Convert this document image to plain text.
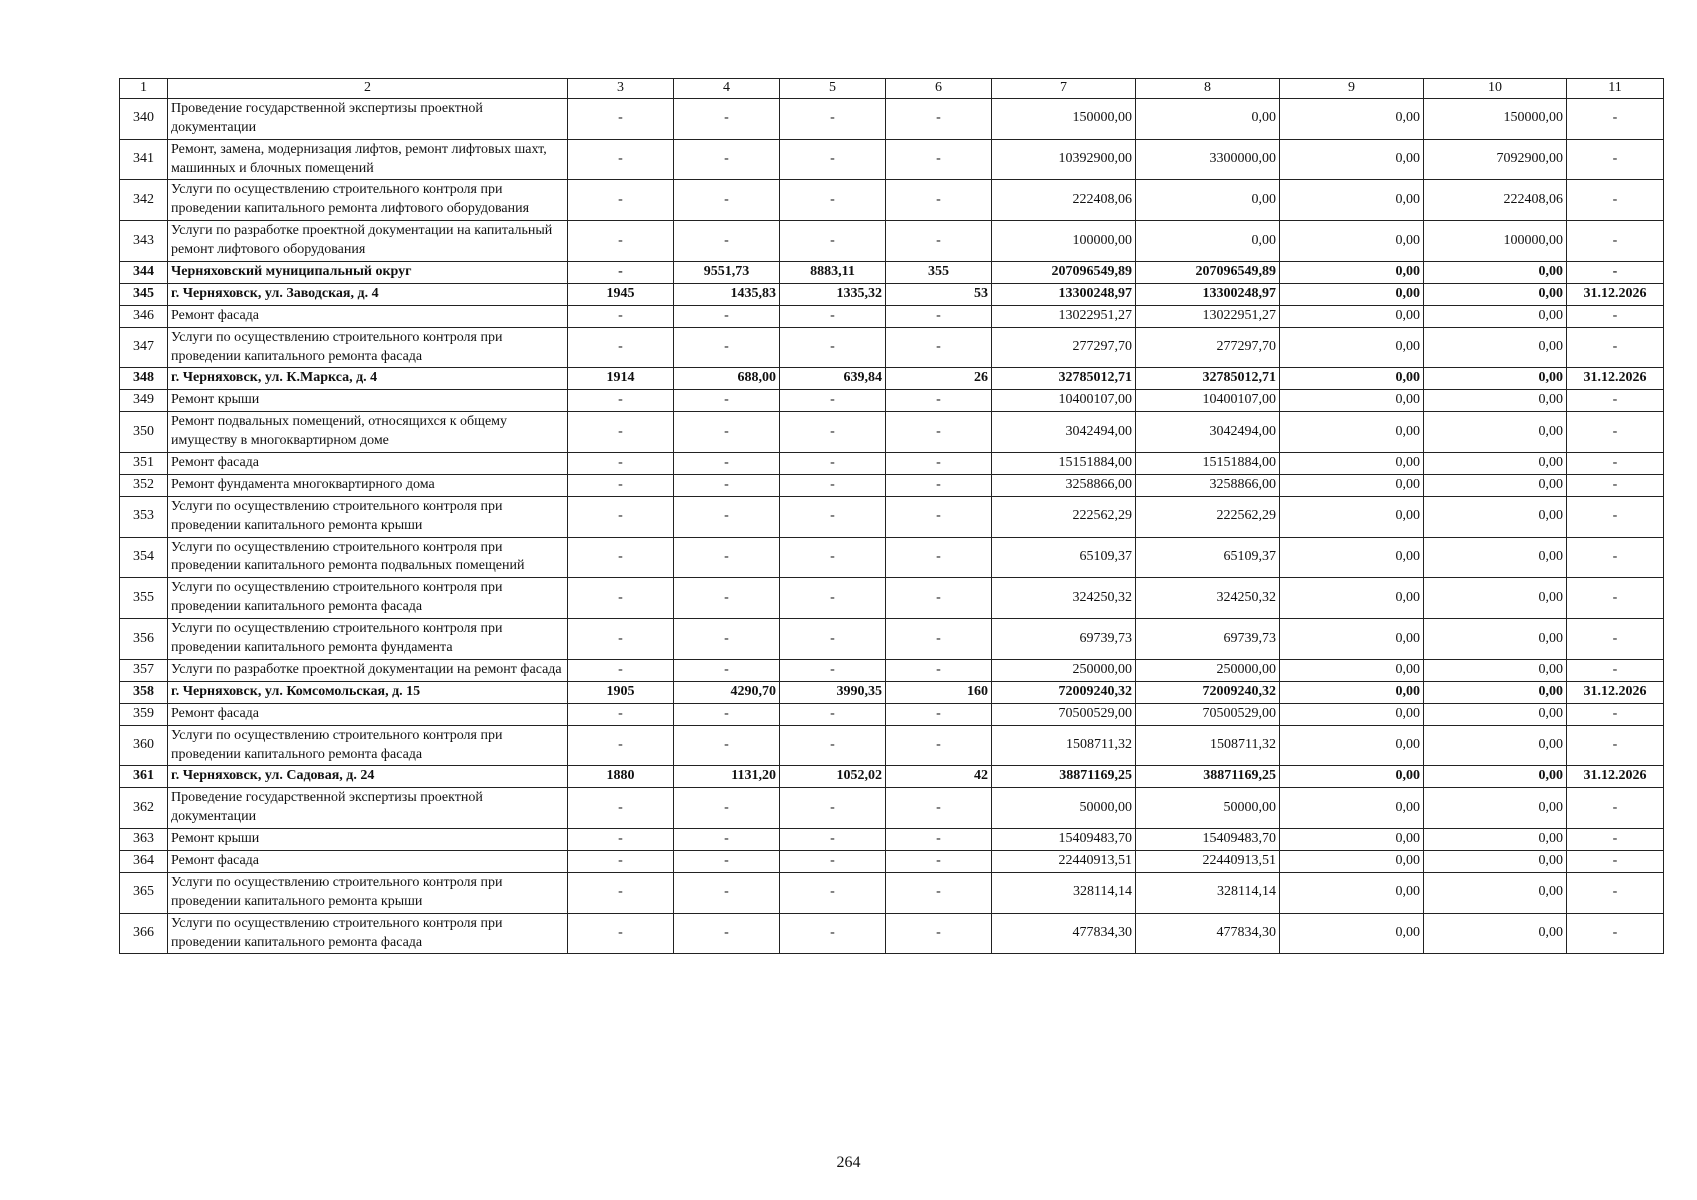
1	2	3	4	5	6	7	8	9	10	11
340	Проведение государственной экспертизы проектной документации	-	-	-	-	150000,00	0,00	0,00	150000,00	-
341	Ремонт, замена, модернизация лифтов, ремонт лифтовых шахт, машинных и блочных помещений	-	-	-	-	10392900,00	3300000,00	0,00	7092900,00	-
342	Услуги по осуществлению строительного контроля при проведении капитального ремонта лифтового оборудования	-	-	-	-	222408,06	0,00	0,00	222408,06	-
343	Услуги по разработке проектной документации на капитальный ремонт лифтового оборудования	-	-	-	-	100000,00	0,00	0,00	100000,00	-
344	Черняховский муниципальный округ	-	9551,73	8883,11	355	207096549,89	207096549,89	0,00	0,00	-
345	г. Черняховск, ул. Заводская, д. 4	1945	1435,83	1335,32	53	13300248,97	13300248,97	0,00	0,00	31.12.2026
346	Ремонт фасада	-	-	-	-	13022951,27	13022951,27	0,00	0,00	-
347	Услуги по осуществлению строительного контроля при проведении капитального ремонта фасада	-	-	-	-	277297,70	277297,70	0,00	0,00	-
348	г. Черняховск, ул. К.Маркса, д. 4	1914	688,00	639,84	26	32785012,71	32785012,71	0,00	0,00	31.12.2026
349	Ремонт крыши	-	-	-	-	10400107,00	10400107,00	0,00	0,00	-
350	Ремонт подвальных помещений, относящихся к общему имуществу в многоквартирном доме	-	-	-	-	3042494,00	3042494,00	0,00	0,00	-
351	Ремонт фасада	-	-	-	-	15151884,00	15151884,00	0,00	0,00	-
352	Ремонт фундамента многоквартирного дома	-	-	-	-	3258866,00	3258866,00	0,00	0,00	-
353	Услуги по осуществлению строительного контроля при проведении капитального ремонта крыши	-	-	-	-	222562,29	222562,29	0,00	0,00	-
354	Услуги по осуществлению строительного контроля при проведении капитального ремонта подвальных помещений	-	-	-	-	65109,37	65109,37	0,00	0,00	-
355	Услуги по осуществлению строительного контроля при проведении капитального ремонта фасада	-	-	-	-	324250,32	324250,32	0,00	0,00	-
356	Услуги по осуществлению строительного контроля при проведении капитального ремонта фундамента	-	-	-	-	69739,73	69739,73	0,00	0,00	-
357	Услуги по разработке проектной документации на ремонт фасада	-	-	-	-	250000,00	250000,00	0,00	0,00	-
358	г. Черняховск, ул. Комсомольская, д. 15	1905	4290,70	3990,35	160	72009240,32	72009240,32	0,00	0,00	31.12.2026
359	Ремонт фасада	-	-	-	-	70500529,00	70500529,00	0,00	0,00	-
360	Услуги по осуществлению строительного контроля при проведении капитального ремонта фасада	-	-	-	-	1508711,32	1508711,32	0,00	0,00	-
361	г. Черняховск, ул. Садовая, д. 24	1880	1131,20	1052,02	42	38871169,25	38871169,25	0,00	0,00	31.12.2026
362	Проведение государственной экспертизы проектной документации	-	-	-	-	50000,00	50000,00	0,00	0,00	-
363	Ремонт крыши	-	-	-	-	15409483,70	15409483,70	0,00	0,00	-
364	Ремонт фасада	-	-	-	-	22440913,51	22440913,51	0,00	0,00	-
365	Услуги по осуществлению строительного контроля при проведении капитального ремонта крыши	-	-	-	-	328114,14	328114,14	0,00	0,00	-
366	Услуги по осуществлению строительного контроля при проведении капитального ремонта фасада	-	-	-	-	477834,30	477834,30	0,00	0,00	-
264
